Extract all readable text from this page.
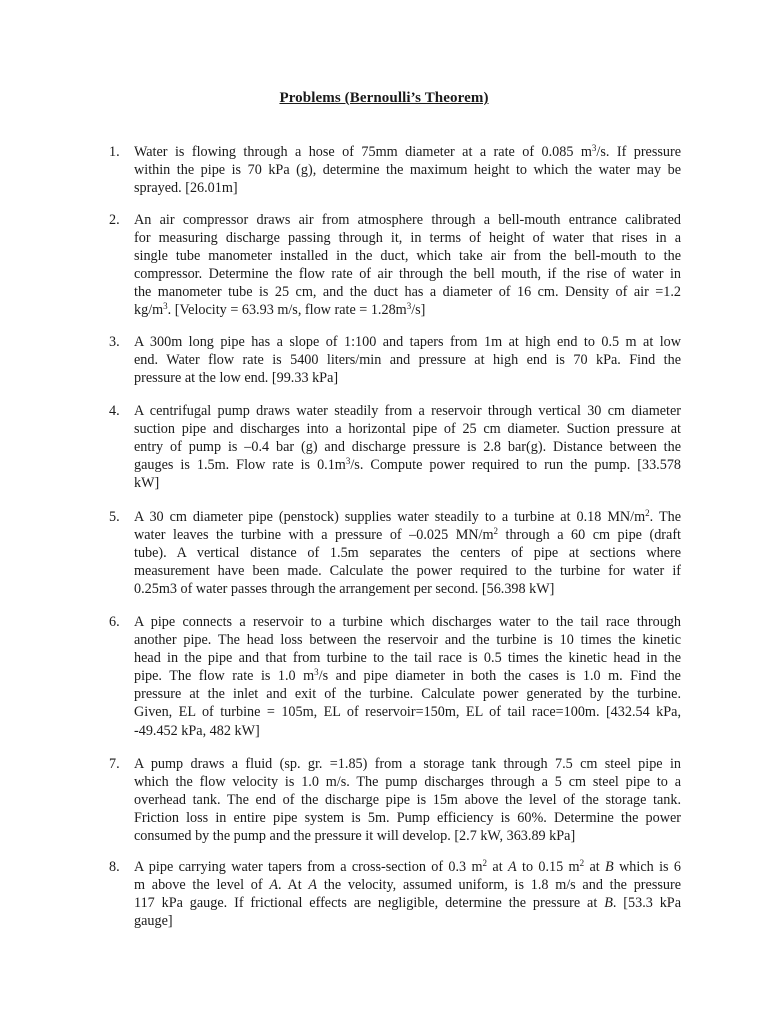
Problems (Bernoulli’s Theorem)
1.	Water is flowing through a hose of 75mm diameter at a rate of 0.085 $m^3/s$. If pressure
within the pipe is 70 kPa (g), determine the maximum height to which the water may be
sprayed. [26.01m]
2.	An air compressor draws air from atmosphere through a bell-mouth entrance calibrated
for measuring discharge passing through it, in terms of height of water that rises in a
single tube manometer installed in the duct, which take air from the bell-mouth to the
compressor. Determine the flow rate of air through the bell mouth, if the rise of water in
the manometer tube is 25 cm, and the duct has a diameter of 16 cm. Density of air =1.2
$kg/m^3$. [Velocity = 63.93 m/s, flow rate = $1.28m^3/s$]
3.	A 300m long pipe has a slope of 1:100 and tapers from 1m at high end to 0.5 m at low
end. Water flow rate is 5400 liters/min and pressure at high end is 70 kPa. Find the
pressure at the low end. [99.33 kPa]
4.	A centrifugal pump draws water steadily from a reservoir through vertical 30 cm diameter
suction pipe and discharges into a horizontal pipe of 25 cm diameter. Suction pressure at
entry of pump is –0.4 bar (g) and discharge pressure is 2.8 bar(g). Distance between the
gauges is 1.5m. Flow rate is $0.1m^3/s$. Compute power required to run the pump. [33.578
kW]
5.	A 30 cm diameter pipe (penstock) supplies water steadily to a turbine at 0.18 $MN/m^2$. The
water leaves the turbine with a pressure of –0.025 $MN/m^2$ through a 60 cm pipe (draft
tube). A vertical distance of 1.5m separates the centers of pipe at sections where
measurement have been made. Calculate the power required to the turbine for water if
0.25m3 of water passes through the arrangement per second. [56.398 kW]
6.	A pipe connects a reservoir to a turbine which discharges water to the tail race through
another pipe. The head loss between the reservoir and the turbine is 10 times the kinetic
head in the pipe and that from turbine to the tail race is 0.5 times the kinetic head in the
pipe. The flow rate is 1.0 $m^3/s$ and pipe diameter in both the cases is 1.0 m. Find the
pressure at the inlet and exit of the turbine. Calculate power generated by the turbine.
Given, EL of turbine = 105m, EL of reservoir=150m, EL of tail race=100m. [432.54 kPa,
-49.452 kPa, 482 kW]
7.	A pump draws a fluid (sp. gr. =1.85) from a storage tank through 7.5 cm steel pipe in
which the flow velocity is 1.0 m/s. The pump discharges through a 5 cm steel pipe to a
overhead tank. The end of the discharge pipe is 15m above the level of the storage tank.
Friction loss in entire pipe system is 5m. Pump efficiency is 60%. Determine the power
consumed by the pump and the pressure it will develop. [2.7 kW, 363.89 kPa]
8.	A pipe carrying water tapers from a cross-section of 0.3 $m^2$ at A to 0.15 $m^2$ at B which is 6
m above the level of A. At A the velocity, assumed uniform, is 1.8 m/s and the pressure
117 kPa gauge. If frictional effects are negligible, determine the pressure at B. [53.3 kPa
gauge]
